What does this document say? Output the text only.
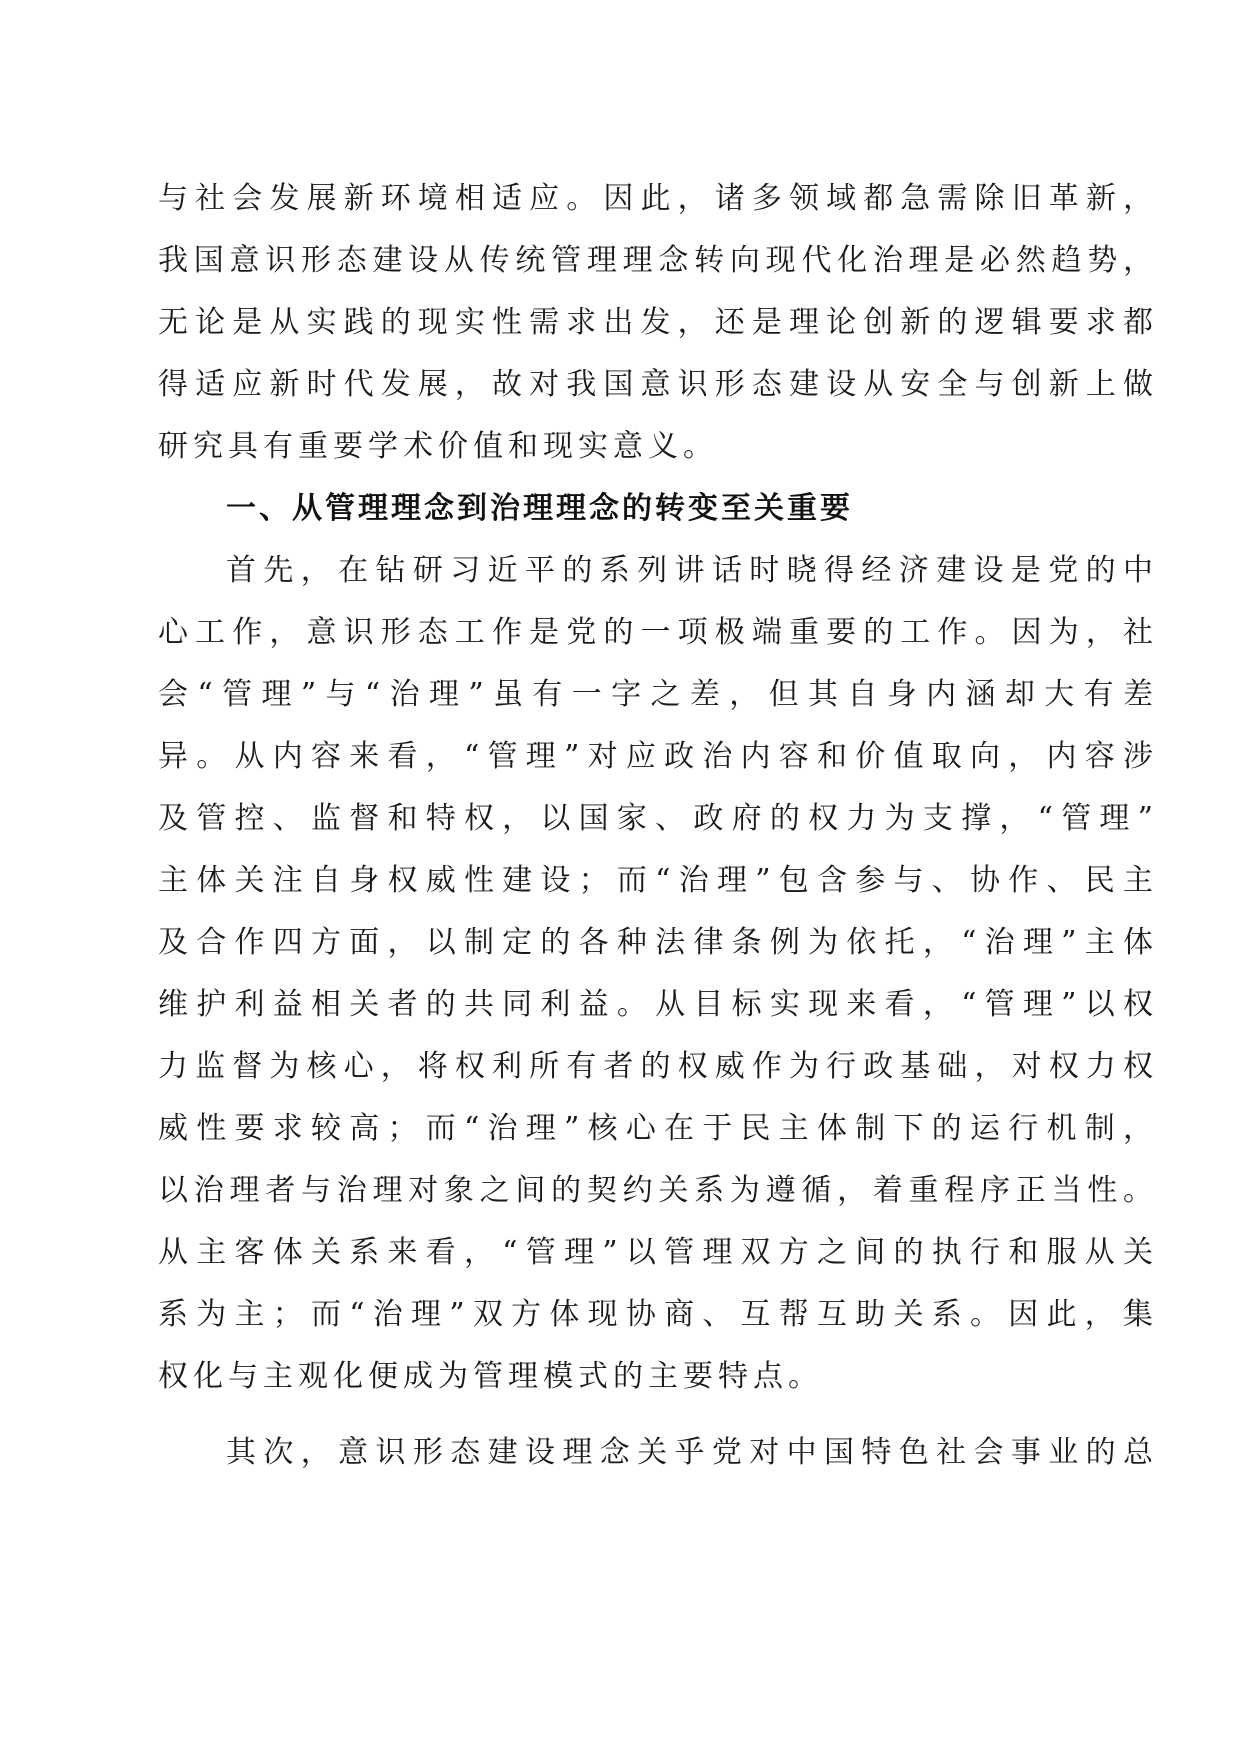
与社会发展新环境相适应。因此，诸多领域都急需除旧革新，
我国意识形态建设从传统管理理念转向现代化治理是必然趋势，
无论是从实践的现实性需求出发，还是理论创新的逻辑要求都
得适应新时代发展，故对我国意识形态建设从安全与创新上做
研究具有重要学术价值和现实意义。
一、从管理理念到治理理念的转变至关重要
首先，在钻研习近平的系列讲话时晓得经济建设是党的中
心工作，意识形态工作是党的一项极端重要的工作。因为，社
会“管理”与“治理”虽有一字之差，但其自身内涵却大有差
异。从内容来看，“管理”对应政治内容和价值取向，内容涉
及管控、监督和特权，以国家、政府的权力为支撑，“管理”
主体关注自身权威性建设；而“治理”包含参与、协作、民主
及合作四方面，以制定的各种法律条例为依托，“治理”主体
维护利益相关者的共同利益。从目标实现来看，“管理”以权
力监督为核心，将权利所有者的权威作为行政基础，对权力权
威性要求较高；而“治理”核心在于民主体制下的运行机制，
以治理者与治理对象之间的契约关系为遵循，着重程序正当性。
从主客体关系来看，“管理”以管理双方之间的执行和服从关
系为主；而“治理”双方体现协商、互帮互助关系。因此，集
权化与主观化便成为管理模式的主要特点。
其次，意识形态建设理念关乎党对中国特色社会事业的总
